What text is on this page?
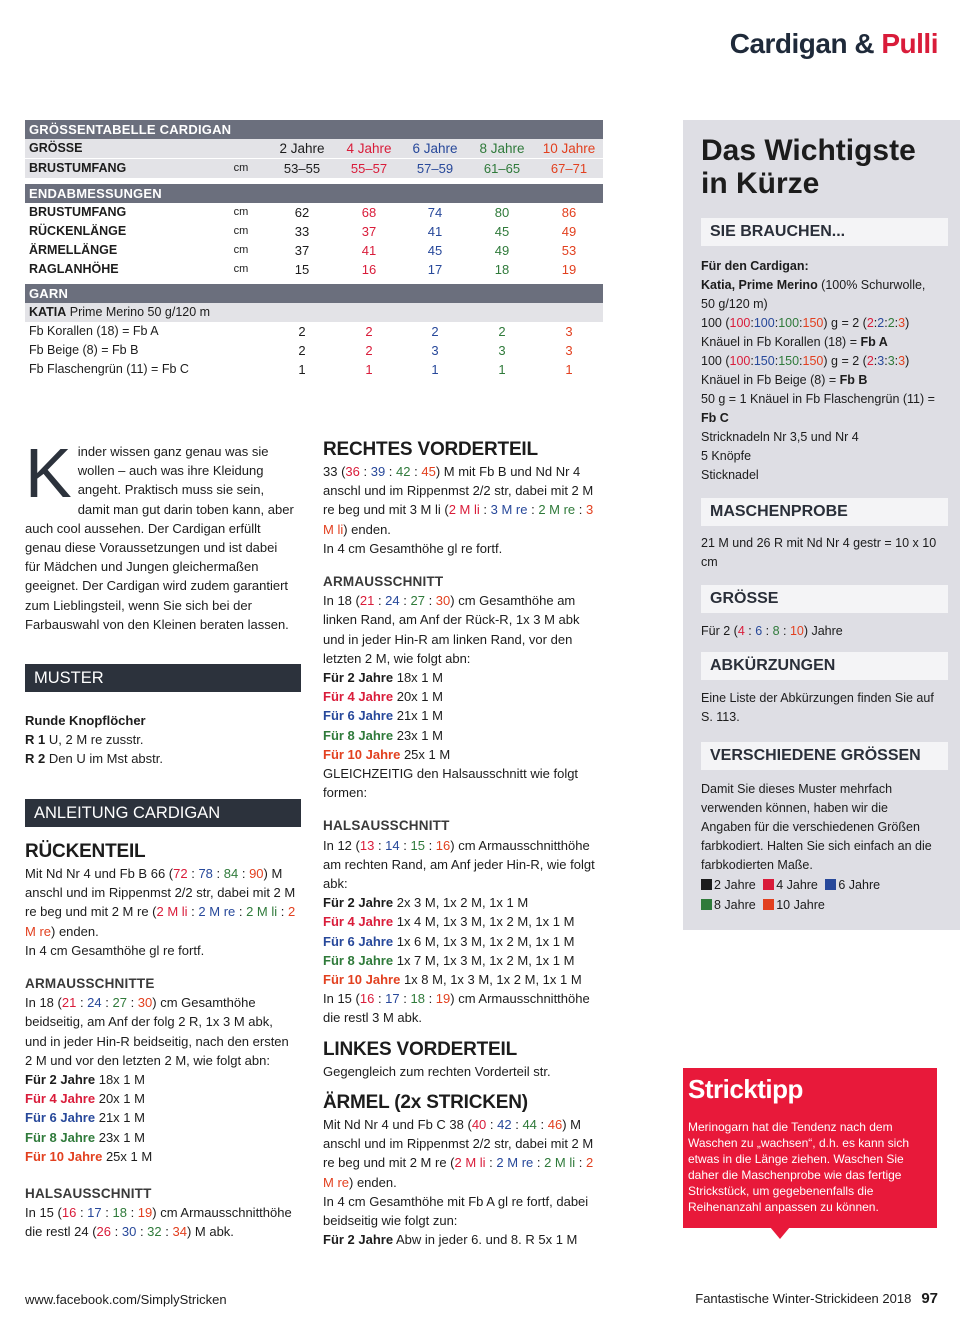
Cardigan & Pulli
GRÖSSENTABELLE CARDIGAN
GRÖSSE	2 Jahre	4 Jahre	6 Jahre	8 Jahre	10 Jahre
BRUSTUMFANG	cm	53–55	55–57	57–59	61–65	67–71
ENDABMESSUNGEN
BRUSTUMFANG	cm	62	68	74	80	86
RÜCKENLÄNGE	cm	33	37	41	45	49
ÄRMELLÄNGE	cm	37	41	45	49	53
RAGLANHÖHE	cm	15	16	17	18	19
GARN
KATIA Prime Merino 50 g/120 m
Fb Korallen (18) = Fb A	2	2	2	2	3
Fb Beige (8) = Fb B	2	2	3	3	3
Fb Flaschengrün (11) = Fb C	1	1	1	1	1
K inder wissen ganz genau was sie wollen – auch was ihre Kleidung angeht. Praktisch muss sie sein, damit man gut darin toben kann, aber auch cool aussehen. Der Cardigan erfüllt genau diese Voraussetzungen und ist dabei für Mädchen und Jungen gleichermaßen geeignet. Der Cardigan wird zudem garantiert zum Lieblingsteil, wenn Sie sich bei der Farbauswahl von den Kleinen beraten lassen.
MUSTER

Runde Knopflöcher

R 1 U, 2 M re zusstr.

R 2 Den U im Mst abstr.

ANLEITUNG CARDIGAN
RÜCKENTEIL

Mit Nd Nr 4 und Fb B 66 (72 : 78 : 84 : 90) M anschl und im Rippenmst 2/2 str, dabei mit 2 M re beg und mit 2 M re (2 M li : 2 M re : 2 M li : 2 M re) enden.

In 4 cm Gesamthöhe gl re fortf.

ARMAUSSCHNITTE

In 18 (21 : 24 : 27 : 30) cm Gesamthöhe beidseitig, am Anf der folg 2 R, 1x 3 M abk, und in jeder Hin-R beidseitig, nach den ersten 2 M und vor den letzten 2 M, wie folgt abn:

Für 2 Jahre 18x 1 M

Für 4 Jahre 20x 1 M

Für 6 Jahre 21x 1 M

Für 8 Jahre 23x 1 M

Für 10 Jahre 25x 1 M

HALSAUSSCHNITT

In 15 (16 : 17 : 18 : 19) cm Armausschnitthöhe die restl 24 (26 : 30 : 32 : 34) M abk.

RECHTES VORDERTEIL

33 (36 : 39 : 42 : 45) M mit Fb B und Nd Nr 4 anschl und im Rippenmst 2/2 str, dabei mit 2 M re beg und mit 3 M li (2 M li : 3 M re : 2 M re : 3 M li) enden.

In 4 cm Gesamthöhe gl re fortf.

ARMAUSSCHNITT

In 18 (21 : 24 : 27 : 30) cm Gesamthöhe am linken Rand, am Anf der Rück-R, 1x 3 M abk und in jeder Hin-R am linken Rand, vor den letzten 2 M, wie folgt abn:

Für 2 Jahre 18x 1 M

Für 4 Jahre 20x 1 M

Für 6 Jahre 21x 1 M

Für 8 Jahre 23x 1 M

Für 10 Jahre 25x 1 M

GLEICHZEITIG den Halsausschnitt wie folgt formen:

HALSAUSSCHNITT

In 12 (13 : 14 : 15 : 16) cm Armausschnitthöhe am rechten Rand, am Anf jeder Hin-R, wie folgt abk:

Für 2 Jahre 2x 3 M, 1x 2 M, 1x 1 M

Für 4 Jahre 1x 4 M, 1x 3 M, 1x 2 M, 1x 1 M

Für 6 Jahre 1x 6 M, 1x 3 M, 1x 2 M, 1x 1 M

Für 8 Jahre 1x 7 M, 1x 3 M, 1x 2 M, 1x 1 M

Für 10 Jahre 1x 8 M, 1x 3 M, 1x 2 M, 1x 1 M

In 15 (16 : 17 : 18 : 19) cm Armausschnitthöhe die restl 3 M abk.

LINKES VORDERTEIL

Gegengleich zum rechten Vorderteil str.

ÄRMEL (2x STRICKEN)

Mit Nd Nr 4 und Fb C 38 (40 : 42 : 44 : 46) M anschl und im Rippenmst 2/2 str, dabei mit 2 M re beg und mit 2 M re (2 M li : 2 M re : 2 M li : 2 M re) enden.

In 4 cm Gesamthöhe mit Fb A gl re fortf, dabei beidseitig wie folgt zun:

Für 2 Jahre Abw in jeder 6. und 8. R 5x 1 M

Das Wichtigste
in Kürze
SIE BRAUCHEN...
Für den Cardigan:
Katia, Prime Merino (100% Schurwolle, 50 g/120 m)
100 (100:100:100:150) g = 2 (2:2:2:3)
Knäuel in Fb Korallen (18) = Fb A
100 (100:150:150:150) g = 2 (2:3:3:3)
Knäuel in Fb Beige (8) = Fb B
50 g = 1 Knäuel in Fb Flaschengrün (11) = Fb C
Stricknadeln Nr 3,5 und Nr 4
5 Knöpfe
Sticknadel
MASCHENPROBE
21 M und 26 R mit Nd Nr 4 gestr = 10 x 10 cm
GRÖSSE
Für 2 (4 : 6 : 8 : 10) Jahre
ABKÜRZUNGEN
Eine Liste der Abkürzungen finden Sie auf S. 113.
VERSCHIEDENE GRÖSSEN
Damit Sie dieses Muster mehrfach verwenden können, haben wir die Angaben für die verschiedenen Größen farbkodiert. Halten Sie sich einfach an die farbkodierten Maße.
2 Jahre 4 Jahre 6 Jahre
8 Jahre 10 Jahre
Stricktipp
Merinogarn hat die Tendenz nach dem Waschen zu „wachsen“, d.h. es kann sich etwas in die Länge ziehen. Waschen Sie daher die Maschenprobe wie das fertige Strickstück, um gegebenenfalls die Reihenanzahl anpassen zu können.
www.facebook.com/SimplyStricken	Fantastische Winter-Strickideen 2018 97
